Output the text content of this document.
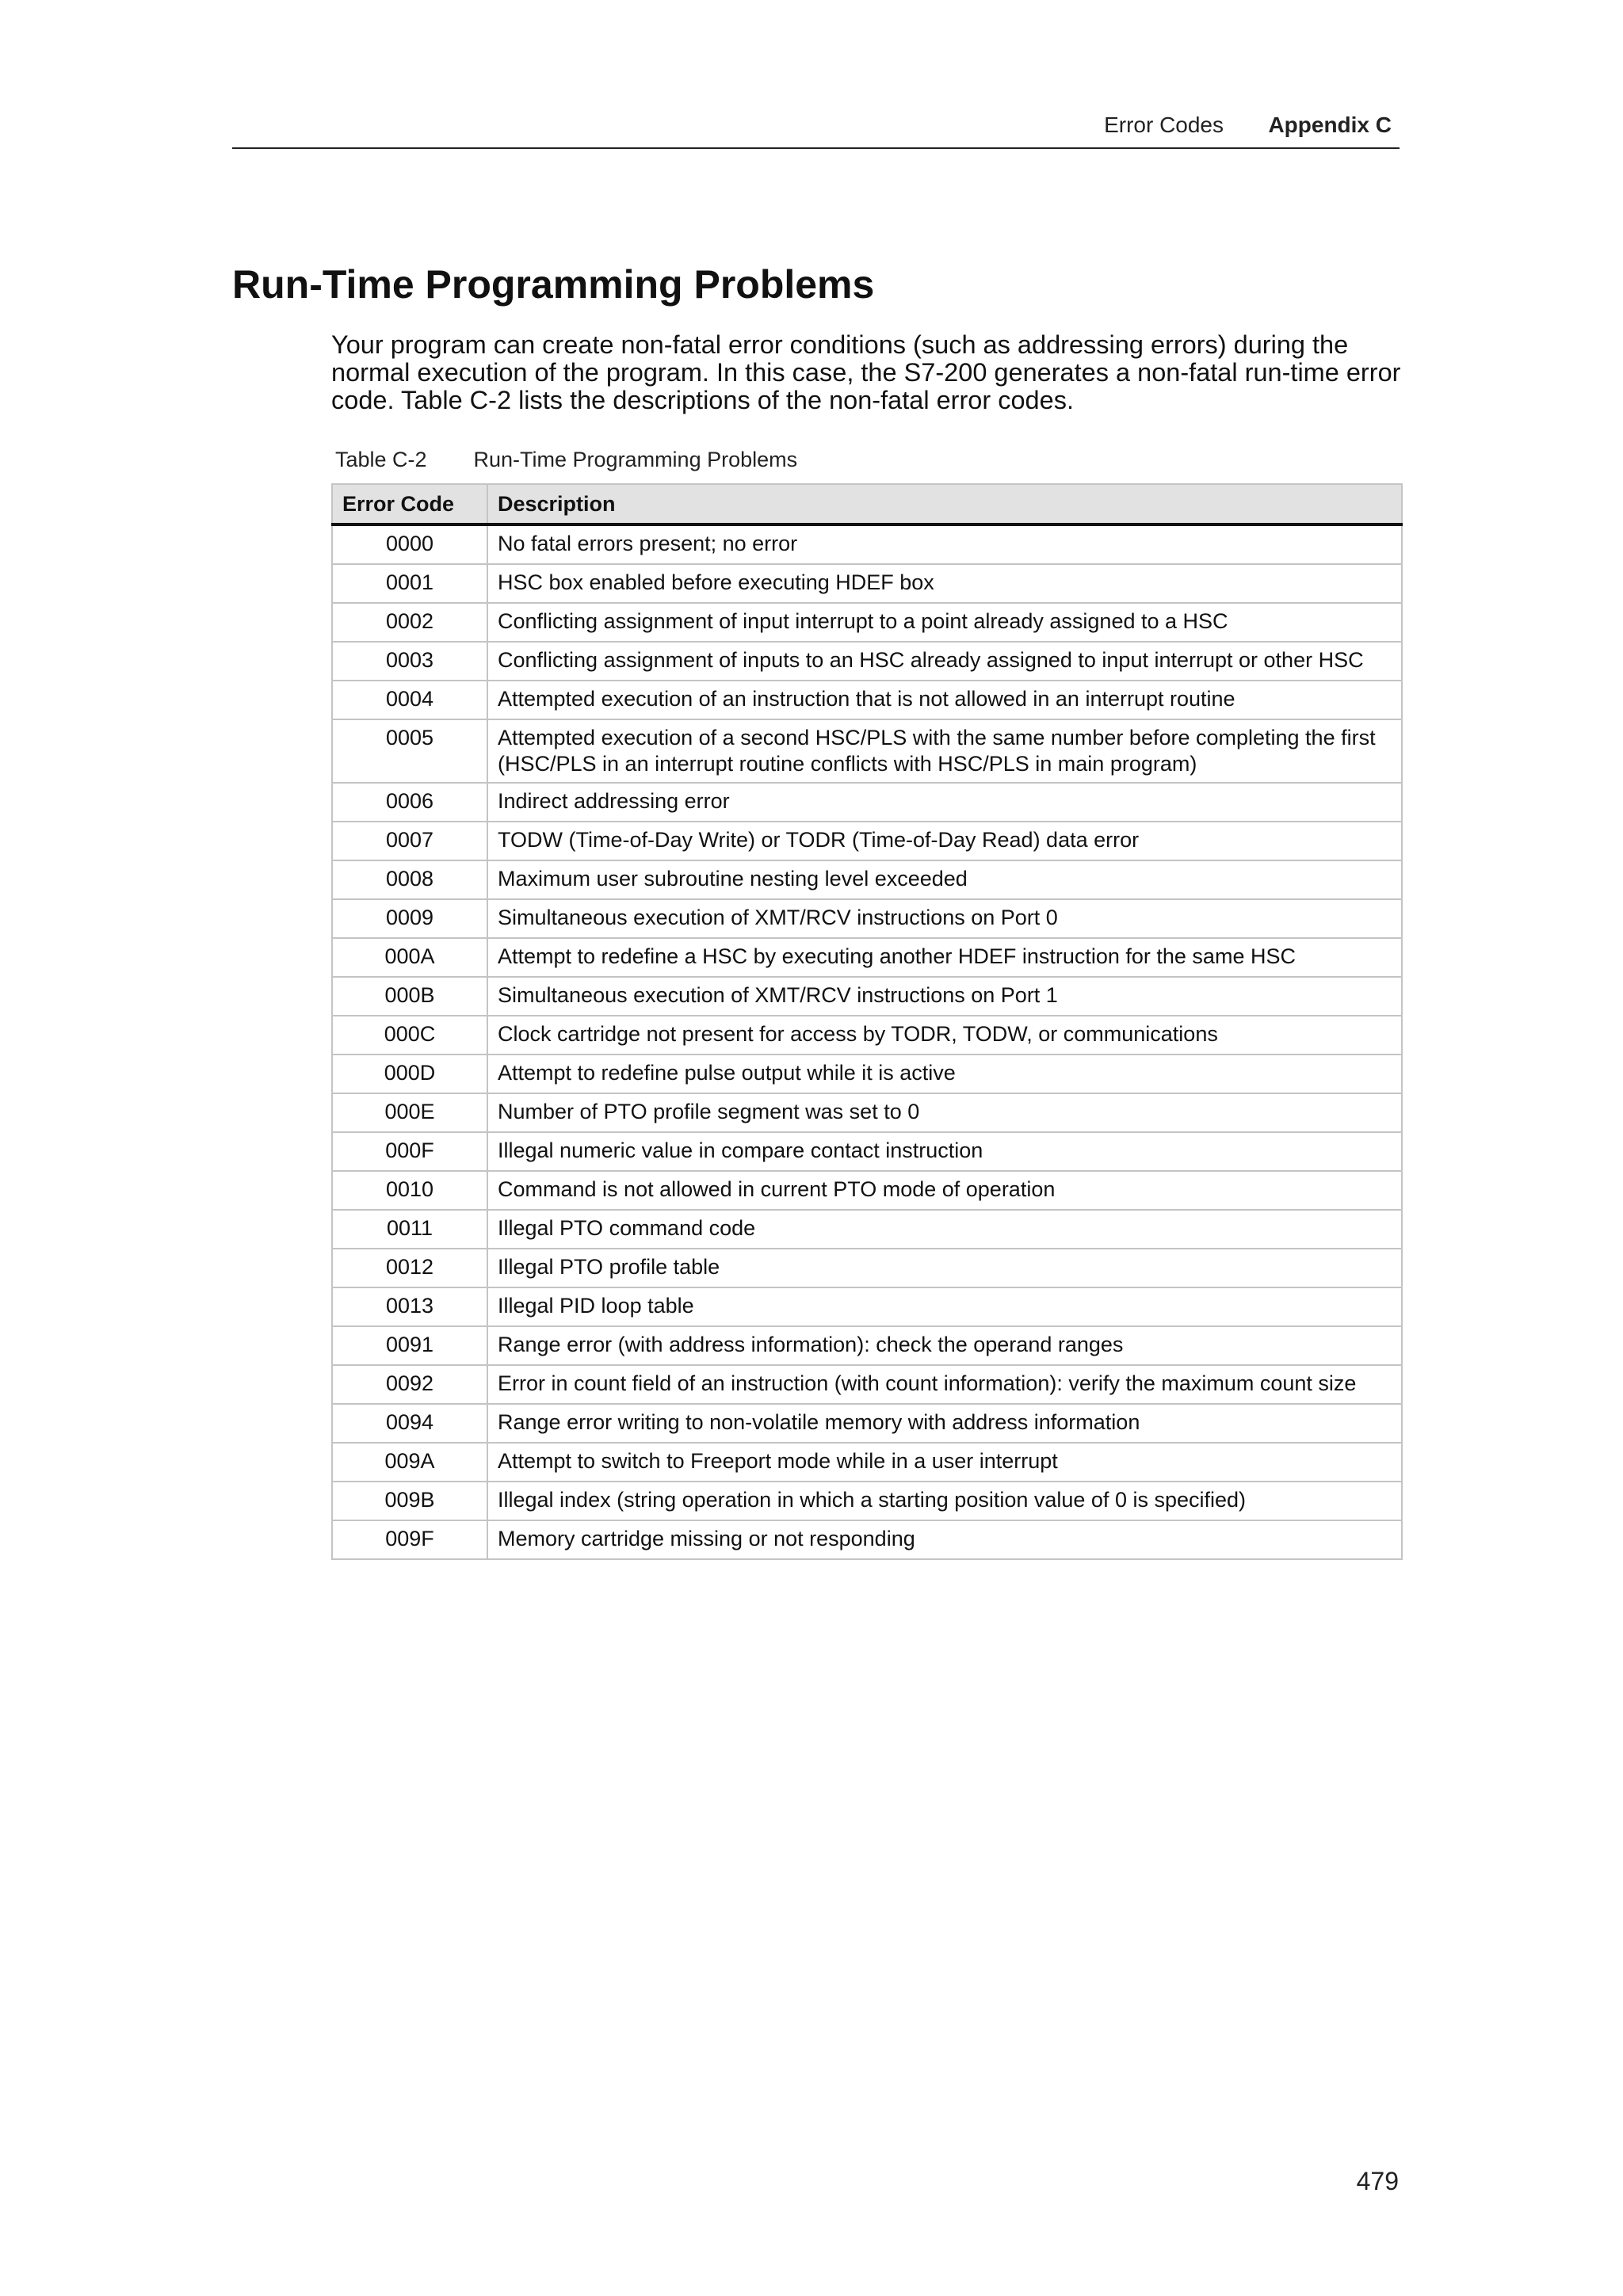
Error Codes Appendix C
Run-Time Programming Problems

Your program can create non-fatal error conditions (such as addressing errors) during the normal execution of the program. In this case, the S7-200 generates a non-fatal run-time error code. Table C-2 lists the descriptions of the non-fatal error codes.

Table C-2 Run-Time Programming Problems
Error Code	Description
0000	No fatal errors present; no error
0001	HSC box enabled before executing HDEF box
0002	Conflicting assignment of input interrupt to a point already assigned to a HSC
0003	Conflicting assignment of inputs to an HSC already assigned to input interrupt or other HSC
0004	Attempted execution of an instruction that is not allowed in an interrupt routine
0005	Attempted execution of a second HSC/PLS with the same number before completing the first (HSC/PLS in an interrupt routine conflicts with HSC/PLS in main program)
0006	Indirect addressing error
0007	TODW (Time-of-Day Write) or TODR (Time-of-Day Read) data error
0008	Maximum user subroutine nesting level exceeded
0009	Simultaneous execution of XMT/RCV instructions on Port 0
000A	Attempt to redefine a HSC by executing another HDEF instruction for the same HSC
000B	Simultaneous execution of XMT/RCV instructions on Port 1
000C	Clock cartridge not present for access by TODR, TODW, or communications
000D	Attempt to redefine pulse output while it is active
000E	Number of PTO profile segment was set to 0
000F	Illegal numeric value in compare contact instruction
0010	Command is not allowed in current PTO mode of operation
0011	Illegal PTO command code
0012	Illegal PTO profile table
0013	Illegal PID loop table
0091	Range error (with address information): check the operand ranges
0092	Error in count field of an instruction (with count information): verify the maximum count size
0094	Range error writing to non-volatile memory with address information
009A	Attempt to switch to Freeport mode while in a user interrupt
009B	Illegal index (string operation in which a starting position value of 0 is specified)
009F	Memory cartridge missing or not responding
479
